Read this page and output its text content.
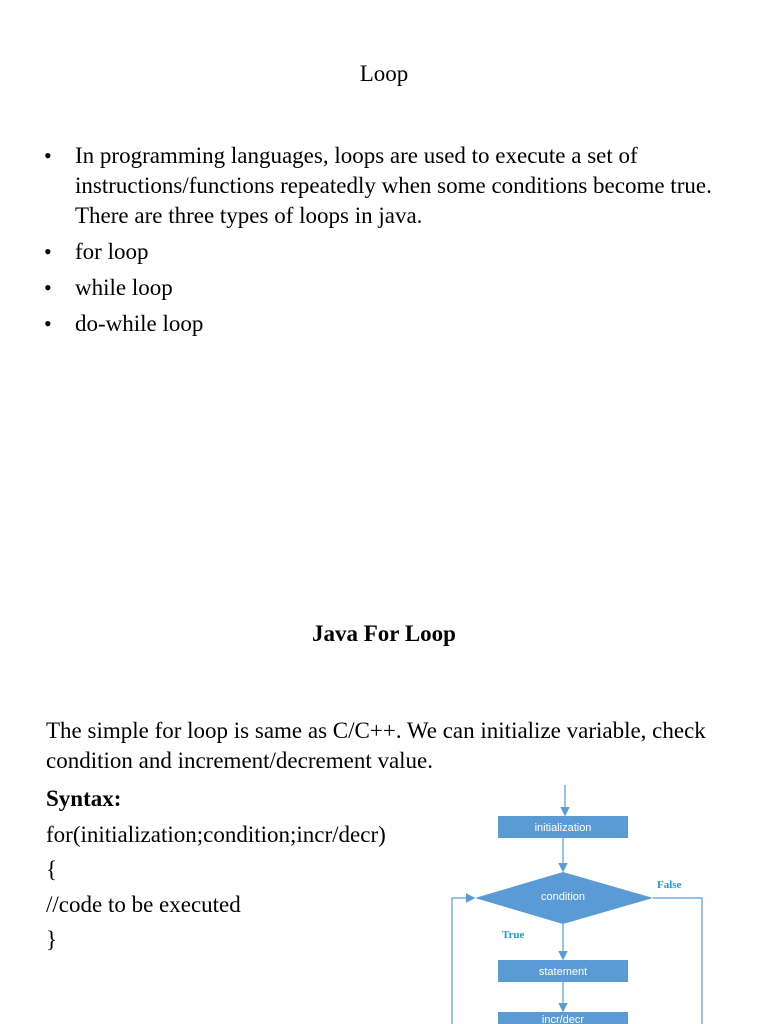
Loop
• In programming languages, loops are used to execute a set of instructions/functions repeatedly when some conditions become true. There are three types of loops in java.
• for loop
• while loop
• do-while loop
Java For Loop
The simple for loop is same as C/C++. We can initialize variable, check condition and increment/decrement value.
Syntax:
for(initialization;condition;incr/decr)
{
//code to be executed
}
initialization
condition
False
True
statement
incr/decr
